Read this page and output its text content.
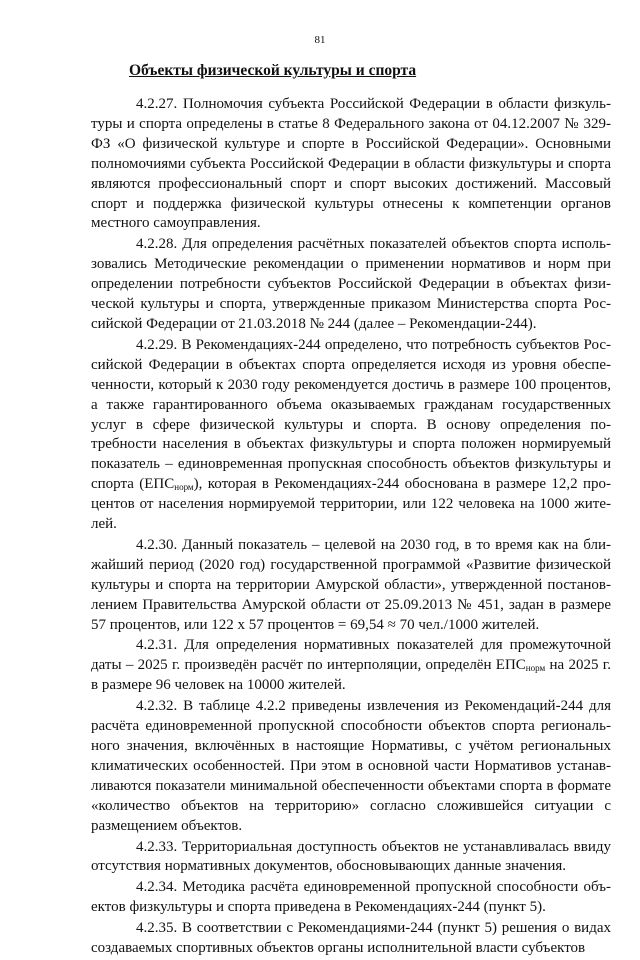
81
Объекты физической культуры и спорта

4.2.27. Полномочия субъекта Российской Федерации в области физкультуры и спорта определены в статье 8 Федерального закона от 04.12.2007 № 329-ФЗ «О физической культуре и спорте в Российской Федерации». Основными полномочиями субъекта Российской Федерации в области физкультуры и спорта являются профессиональный спорт и спорт высоких достижений. Массовый спорт и поддержка физической культуры отнесены к компетенции органов местного самоуправления.

4.2.28. Для определения расчётных показателей объектов спорта использовались Методические рекомендации о применении нормативов и норм при определении потребности субъектов Российской Федерации в объектах физической культуры и спорта, утвержденные приказом Министерства спорта Российской Федерации от 21.03.2018 № 244 (далее – Рекомендации-244).

4.2.29. В Рекомендациях-244 определено, что потребность субъектов Российской Федерации в объектах спорта определяется исходя из уровня обеспеченности, который к 2030 году рекомендуется достичь в размере 100 процентов, а также гарантированного объема оказываемых гражданам государственных услуг в сфере физической культуры и спорта. В основу определения потребности населения в объектах физкультуры и спорта положен нормируемый показатель – единовременная пропускная способность объектов физкультуры и спорта $(ЕПС_{норм})$, которая в Рекомендациях-244 обоснована в размере 12,2 процентов от населения нормируемой территории, или 122 человека на 1000 жителей.

4.2.30. Данный показатель – целевой на 2030 год, в то время как на ближайший период (2020 год) государственной программой «Развитие физической культуры и спорта на территории Амурской области», утвержденной постановлением Правительства Амурской области от 25.09.2013 № 451, задан в размере 57 процентов, или 122 x 57 процентов = 69,54 ≈ 70 чел./1000 жителей.

4.2.31. Для определения нормативных показателей для промежуточной даты – 2025 г. произведён расчёт по интерполяции, определён $ЕПС_{норм}$ на 2025 г. в размере 96 человек на 10000 жителей.

4.2.32. В таблице 4.2.2 приведены извлечения из Рекомендаций-244 для расчёта единовременной пропускной способности объектов спорта регионального значения, включённых в настоящие Нормативы, с учётом региональных климатических особенностей. При этом в основной части Нормативов устанавливаются показатели минимальной обеспеченности объектами спорта в формате «количество объектов на территорию» согласно сложившейся ситуации с размещением объектов.

4.2.33. Территориальная доступность объектов не устанавливалась ввиду отсутствия нормативных документов, обосновывающих данные значения.

4.2.34. Методика расчёта единовременной пропускной способности объектов физкультуры и спорта приведена в Рекомендациях-244 (пункт 5).

4.2.35. В соответствии с Рекомендациями-244 (пункт 5) решения о видах создаваемых спортивных объектов органы исполнительной власти субъектов
